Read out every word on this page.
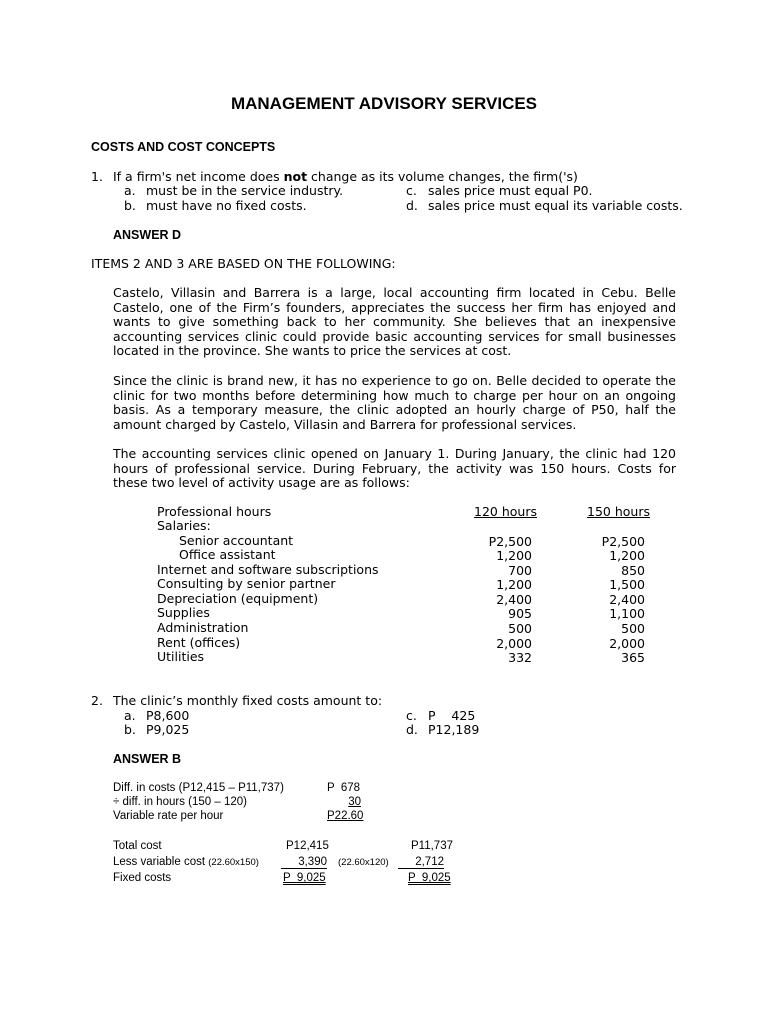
MANAGEMENT ADVISORY SERVICES
COSTS AND COST CONCEPTS
1. If a firm's net income does not change as its volume changes, the firm('s)
a. must be in the service industry.	c. sales price must equal P0.
b. must have no fixed costs.	d. sales price must equal its variable costs.
ANSWER D
ITEMS 2 AND 3 ARE BASED ON THE FOLLOWING:
Castelo, Villasin and Barrera is a large, local accounting firm located in Cebu. Belle Castelo, one of the Firm’s founders, appreciates the success her firm has enjoyed and wants to give something back to her community. She believes that an inexpensive accounting services clinic could provide basic accounting services for small businesses located in the province. She wants to price the services at cost.
Since the clinic is brand new, it has no experience to go on. Belle decided to operate the clinic for two months before determining how much to charge per hour on an ongoing basis. As a temporary measure, the clinic adopted an hourly charge of P50, half the amount charged by Castelo, Villasin and Barrera for professional services.
The accounting services clinic opened on January 1. During January, the clinic had 120 hours of professional service. During February, the activity was 150 hours. Costs for these two level of activity usage are as follows:
Professional hours	120 hours	150 hours
Salaries:
Senior accountant	P2,500	P2,500
Office assistant	1,200	1,200
Internet and software subscriptions	700	850
Consulting by senior partner	1,200	1,500
Depreciation (equipment)	2,400	2,400
Supplies	905	1,100
Administration	500	500
Rent (offices)	2,000	2,000
Utilities	332	365
2. The clinic’s monthly fixed costs amount to:
a. P8,600	c. P    425
b. P9,025	d. P12,189
ANSWER B
Diff. in costs (P12,415 – P11,737)	P  678
÷ diff. in hours (150 – 120)	30
Variable rate per hour	P22.60
Total cost	P12,415	P11,737
Less variable cost (22.60x150)	3,390 (22.60x120)	2,712
Fixed costs	P  9,025	P  9,025
